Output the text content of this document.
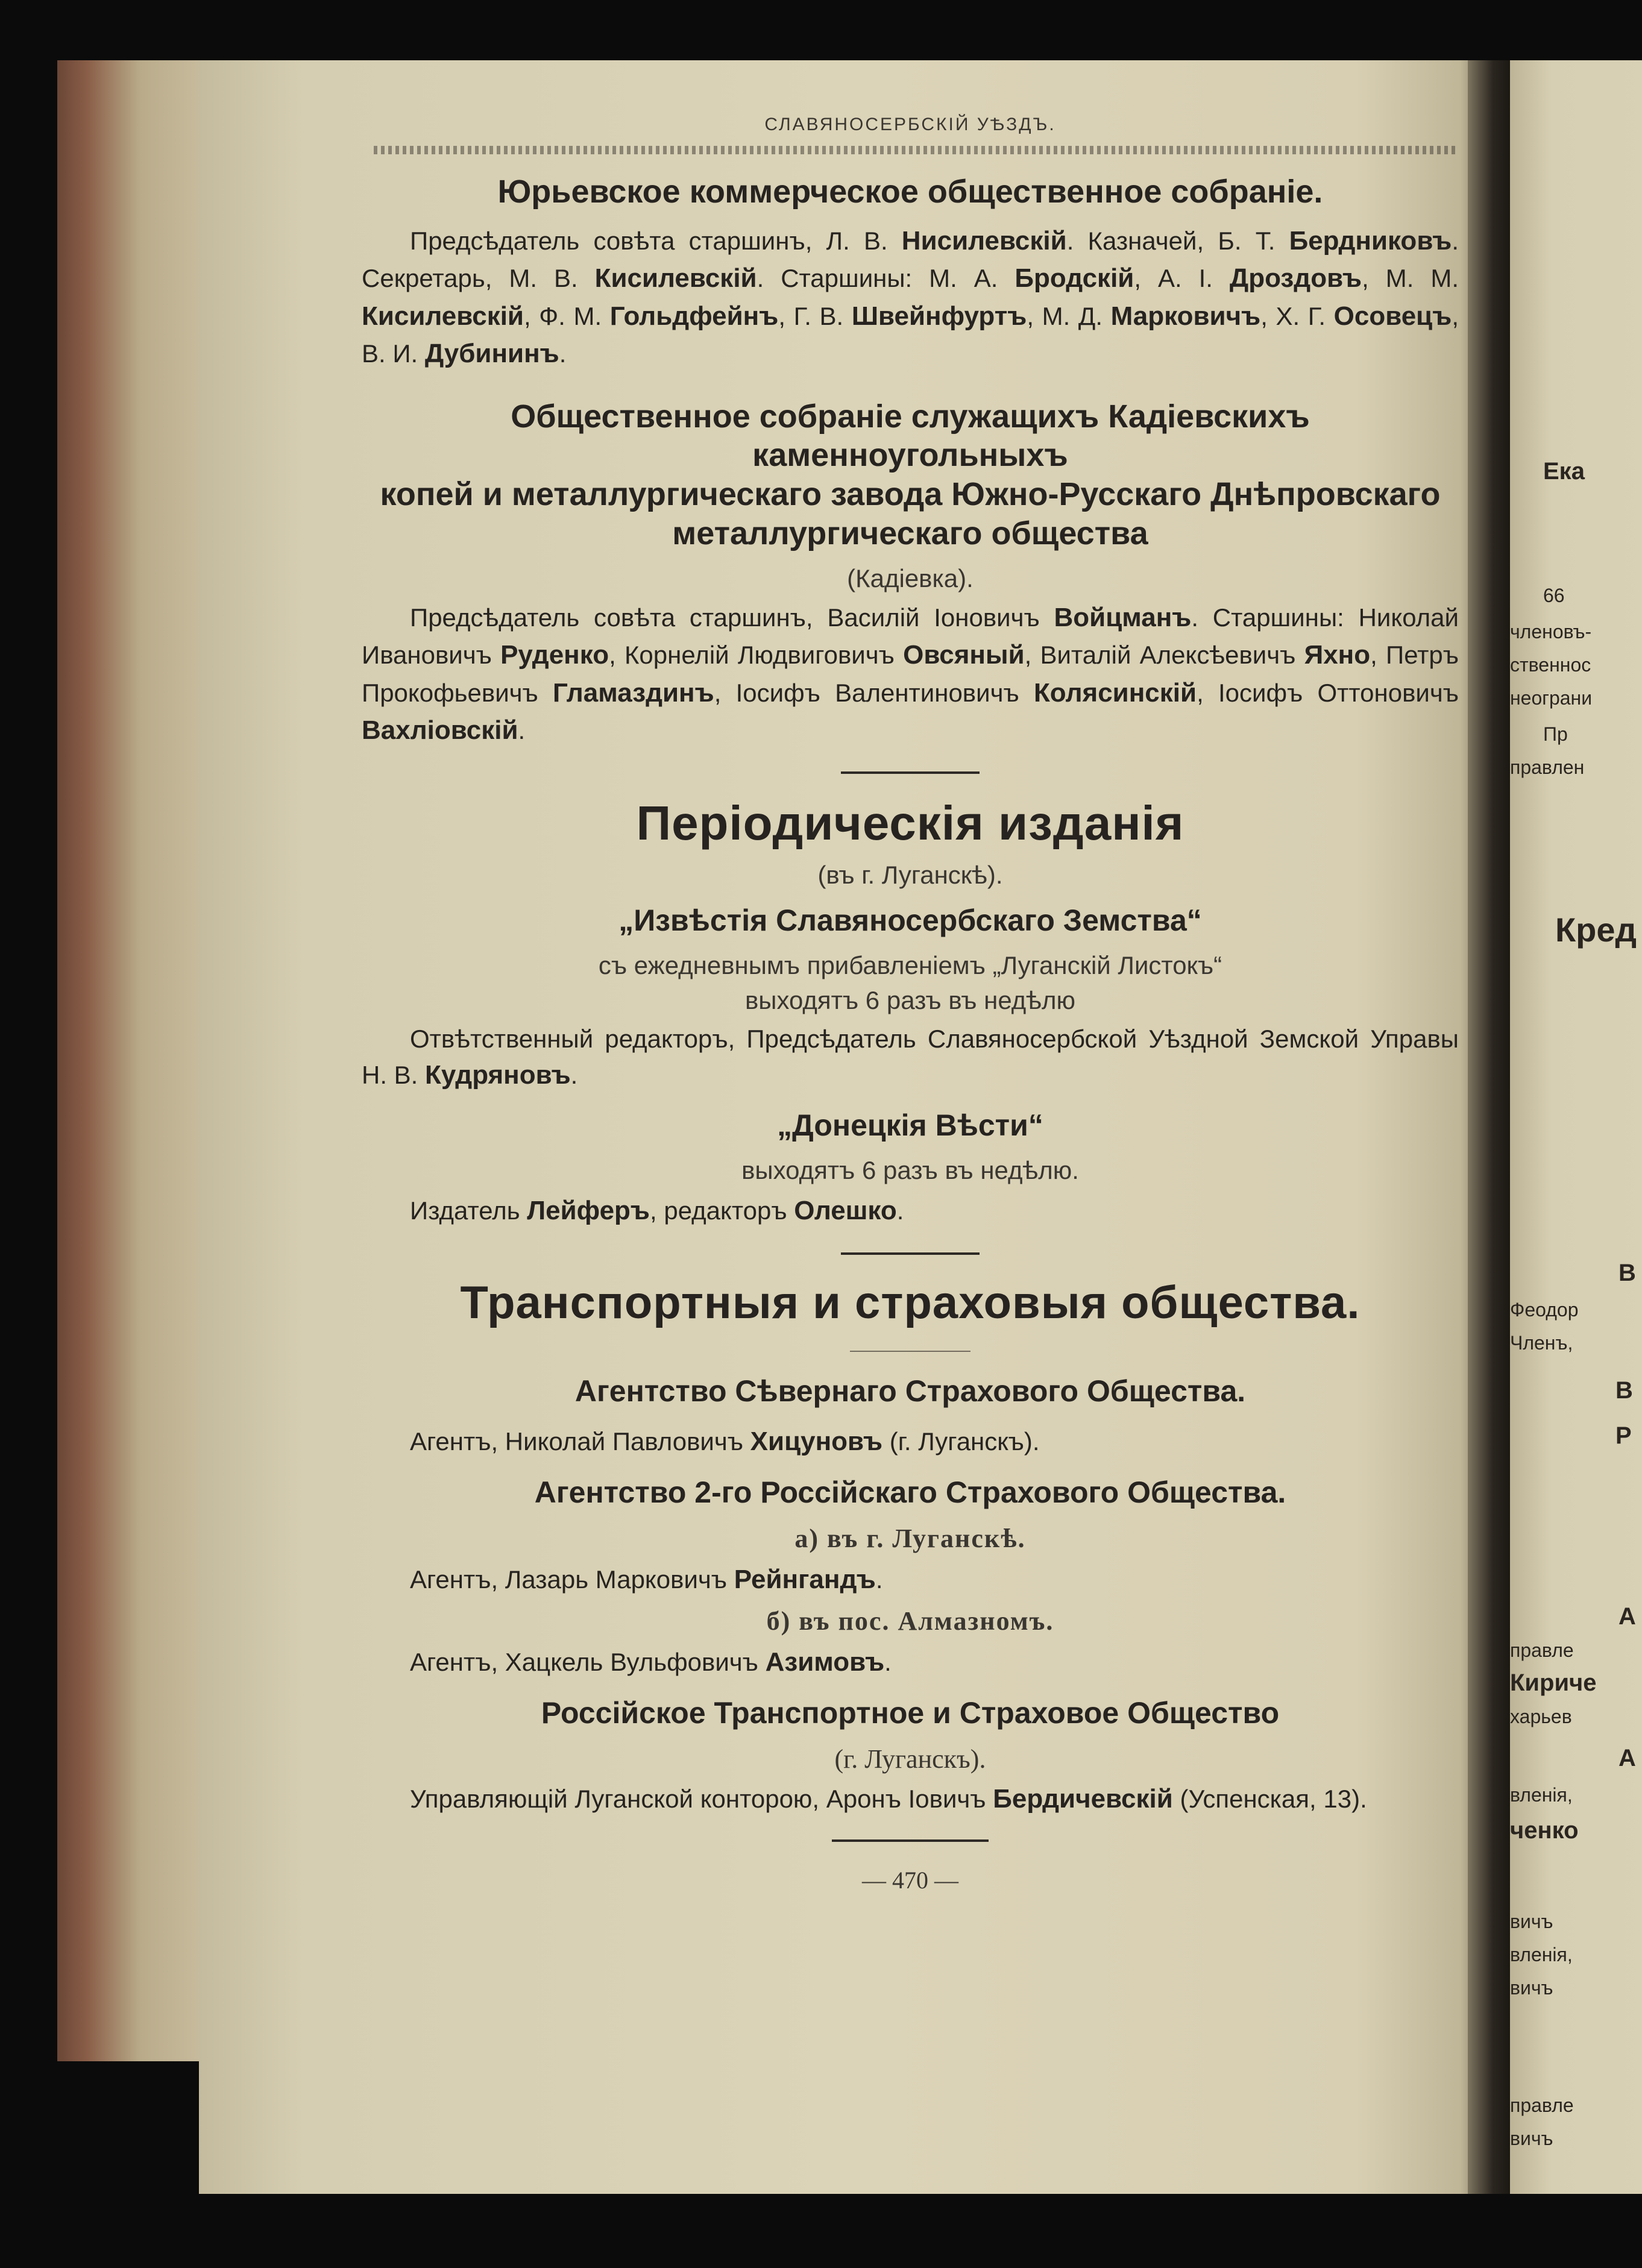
Ека
66
членовъ-
ственнос
неограни
Пр
правлен
Кред
В
Феодор
Членъ,
В
Р
А
правле
Кириче
харьев
А
вленія,
ченко
вичъ
вленія,
вичъ
правле
вичъ
СЛАВЯНОСЕРБСКІЙ УѢЗДЪ.
Юрьевское коммерческое общественное собраніе.

Предсѣдатель совѣта старшинъ, Л. В. Нисилевскій. Казначей, Б. Т. Бердниковъ. Секретарь, М. В. Кисилевскій. Старшины: М. А. Бродскій, А. І. Дроздовъ, М. М. Кисилевскій, Ф. М. Гольдфейнъ, Г. В. Швейнфуртъ, М. Д. Марковичъ, Х. Г. Осовецъ, В. И. Дубининъ.

Общественное собраніе служащихъ Кадіевскихъ каменноугольныхъ
копей и металлургическаго завода Южно-Русскаго Днѣпровскаго
металлургическаго общества
(Кадіевка).

Предсѣдатель совѣта старшинъ, Василій Іоновичъ Войцманъ. Старшины: Николай Ивановичъ Руденко, Корнелій Людвиговичъ Овсяный, Виталій Алексѣевичъ Яхно, Петръ Прокофьевичъ Гламаздинъ, Іосифъ Валентиновичъ Колясинскій, Іосифъ Оттоновичъ Вахліовскій.

Періодическія изданія
(въ г. Луганскѣ).
„Извѣстія Славяносербскаго Земства“
съ ежедневнымъ прибавленіемъ „Луганскій Листокъ“
выходятъ 6 разъ въ недѣлю

Отвѣтственный редакторъ, Предсѣдатель Славяносербской Уѣздной Земской Управы Н. В. Кудряновъ.

„Донецкія Вѣсти“
выходятъ 6 разъ въ недѣлю.

Издатель Лейферъ, редакторъ Олешко.

Транспортныя и страховыя общества.
Агентство Сѣвернаго Страхового Общества.

Агентъ, Николай Павловичъ Хицуновъ (г. Луганскъ).

Агентство 2-го Россійскаго Страхового Общества.
а) въ г. Луганскѣ.

Агентъ, Лазарь Марковичъ Рейнгандъ.

б) въ пос. Алмазномъ.

Агентъ, Хацкель Вульфовичъ Азимовъ.

Россійское Транспортное и Страховое Общество
(г. Луганскъ).

Управляющій Луганской конторою, Аронъ Іовичъ Бердичевскій (Успенская, 13).

— 470 —
